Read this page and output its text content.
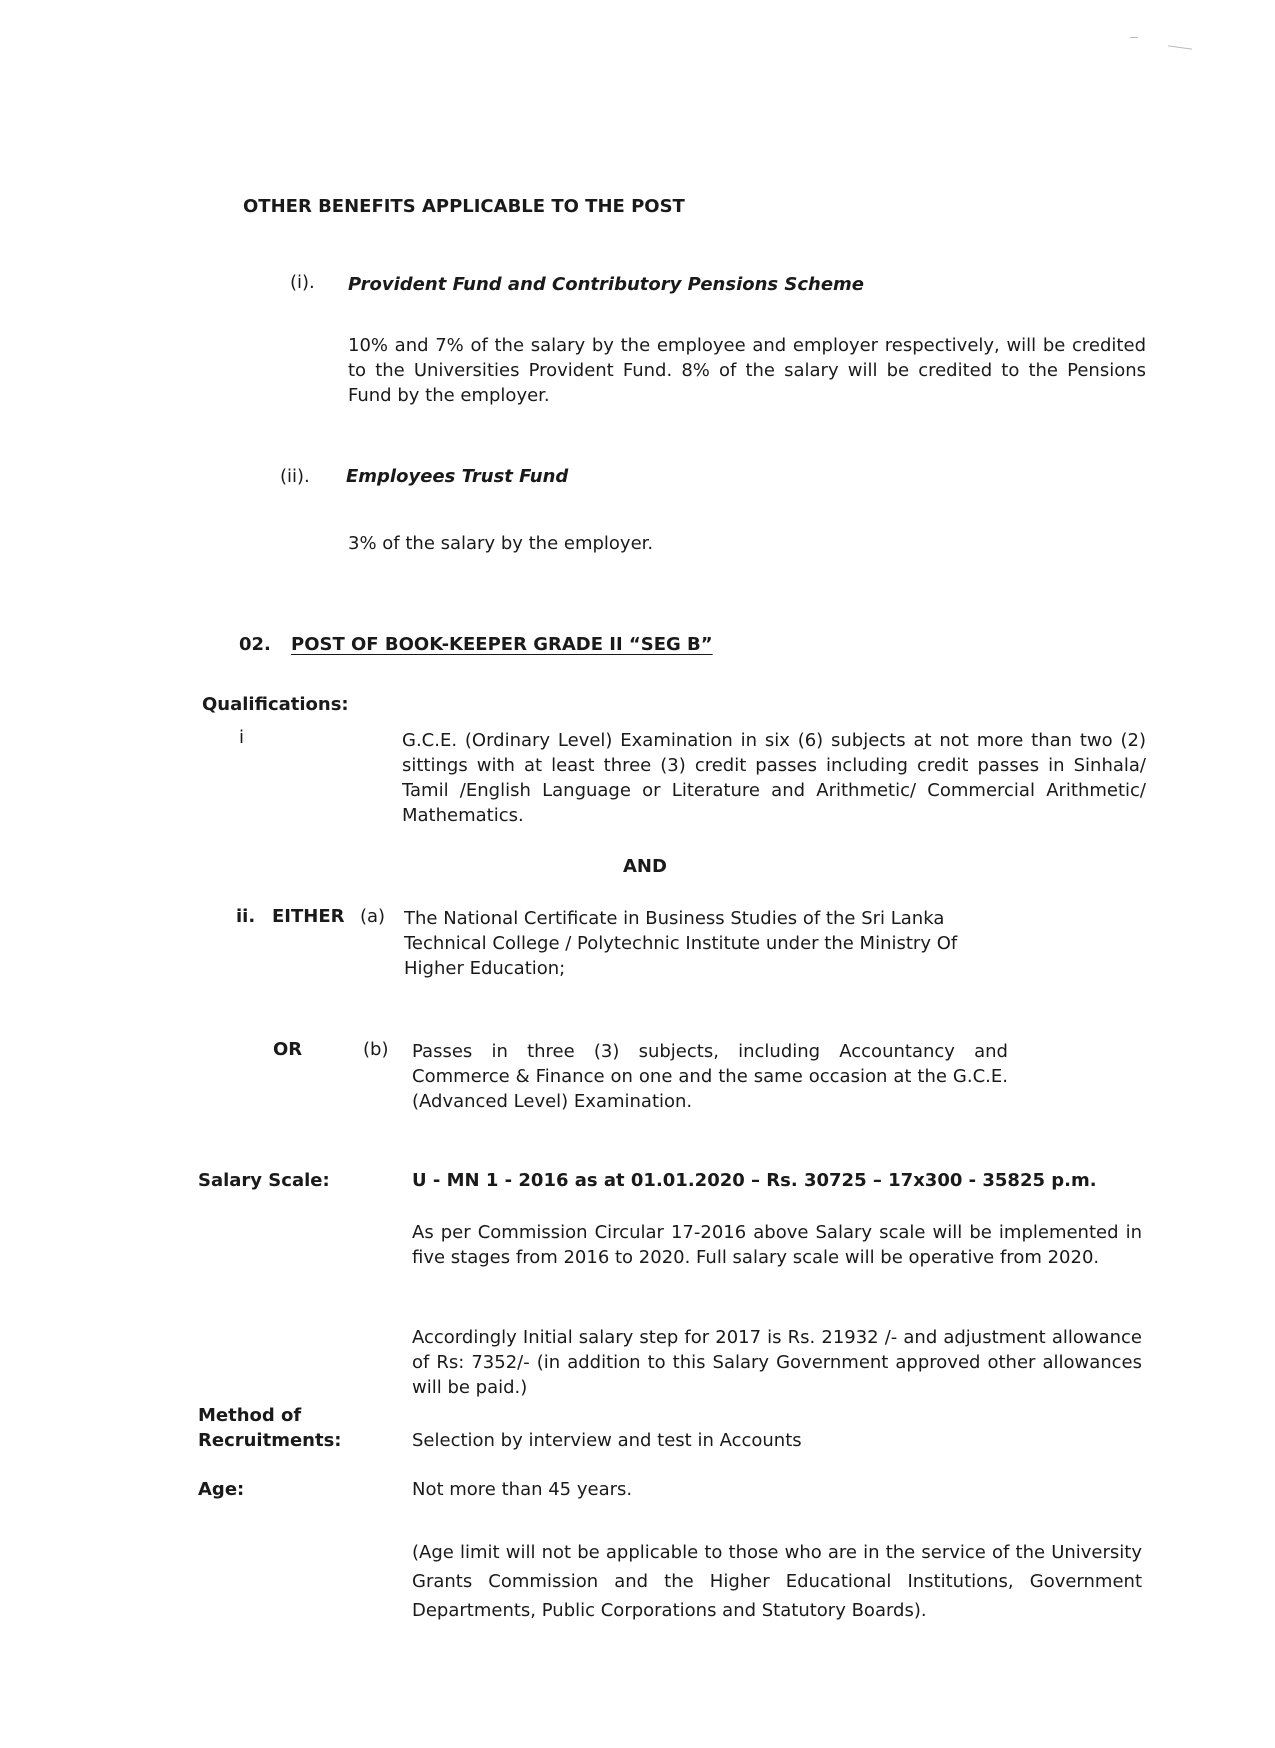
OTHER BENEFITS APPLICABLE TO THE POST
(i). Provident Fund and Contributory Pensions Scheme
10% and 7% of the salary by the employee and employer respectively, will be credited to the Universities Provident Fund. 8% of the salary will be credited to the Pensions Fund by the employer.
(ii). Employees Trust Fund
3% of the salary by the employer.
02. POST OF BOOK-KEEPER GRADE II “SEG B”
Qualifications:
i	G.C.E. (Ordinary Level) Examination in six (6) subjects at not more than two (2) sittings with at least three (3) credit passes including credit passes in Sinhala/ Tamil /English Language or Literature and Arithmetic/ Commercial Arithmetic/ Mathematics.
AND
ii. EITHER (a) The National Certificate in Business Studies of the Sri Lanka Technical College / Polytechnic Institute under the Ministry Of Higher Education;
OR	(b) Passes in three (3) subjects, including Accountancy and Commerce & Finance on one and the same occasion at the G.C.E. (Advanced Level) Examination.
Salary Scale:	U - MN 1 - 2016 as at 01.01.2020 – Rs. 30725 – 17x300 - 35825 p.m.
As per Commission Circular 17-2016 above Salary scale will be implemented in five stages from 2016 to 2020. Full salary scale will be operative from 2020.
Accordingly Initial salary step for 2017 is Rs. 21932 /- and adjustment allowance of Rs: 7352/- (in addition to this Salary Government approved other allowances will be paid.)
Method of
Recruitments:	Selection by interview and test in Accounts
Age:	Not more than 45 years.
(Age limit will not be applicable to those who are in the service of the University Grants Commission and the Higher Educational Institutions, Government Departments, Public Corporations and Statutory Boards).
